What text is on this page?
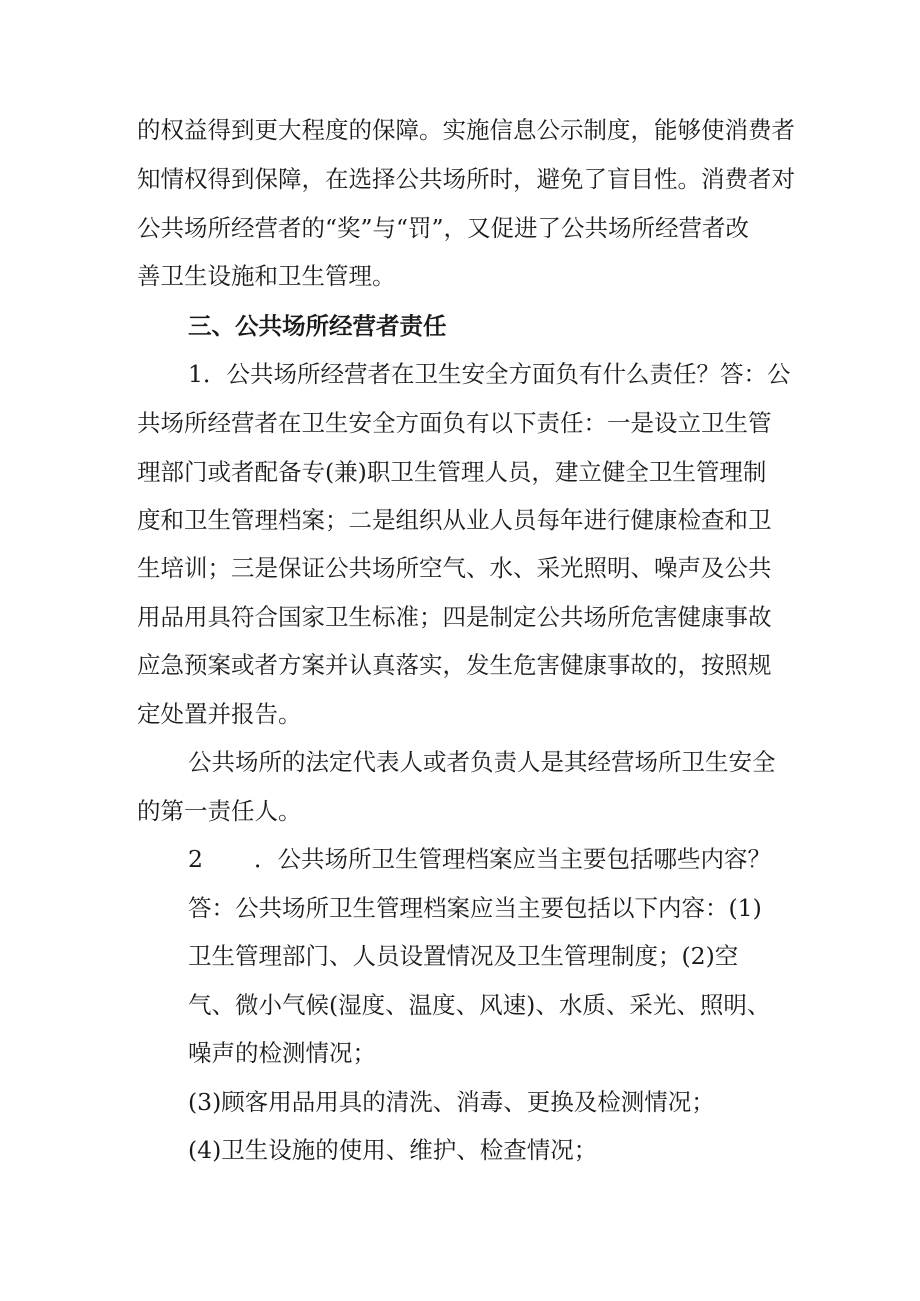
的权益得到更大程度的保障。实施信息公示制度，能够使消费者
知情权得到保障，在选择公共场所时，避免了盲目性。消费者对
公共场所经营者的“奖”与“罚”，又促进了公共场所经营者改
善卫生设施和卫生管理。
三、公共场所经营者责任
1．公共场所经营者在卫生安全方面负有什么责任？答：公
共场所经营者在卫生安全方面负有以下责任：一是设立卫生管
理部门或者配备专(兼)职卫生管理人员，建立健全卫生管理制
度和卫生管理档案；二是组织从业人员每年进行健康检查和卫
生培训；三是保证公共场所空气、水、采光照明、噪声及公共
用品用具符合国家卫生标准；四是制定公共场所危害健康事故
应急预案或者方案并认真落实，发生危害健康事故的，按照规
定处置并报告。
公共场所的法定代表人或者负责人是其经营场所卫生安全
的第一责任人。
2 ．公共场所卫生管理档案应当主要包括哪些内容？
答：公共场所卫生管理档案应当主要包括以下内容：(1)
卫生管理部门、人员设置情况及卫生管理制度；(2)空
气、微小气候(湿度、温度、风速)、水质、采光、照明、
噪声的检测情况；
(3)顾客用品用具的清洗、消毒、更换及检测情况；
(4)卫生设施的使用、维护、检查情况；
